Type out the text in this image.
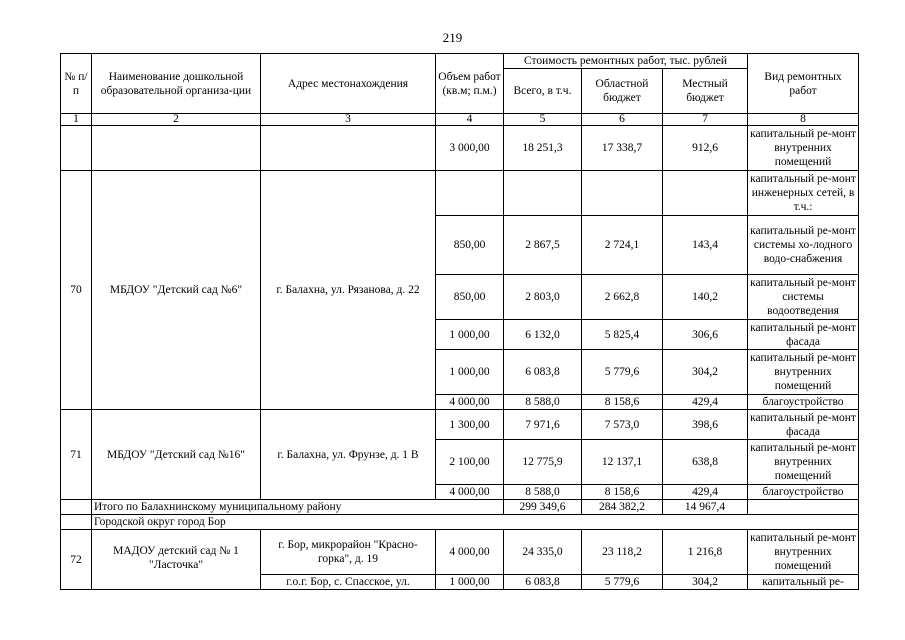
219
№ п/п	Наименование дошкольной образовательной организа-ции	Адрес местонахождения	Объем работ (кв.м; п.м.)	Стоимость ремонтных работ, тыс. рублей			Вид ремонтных работ
				Всего, в т.ч.	Областной бюджет	Местный бюджет	
1	2	3	4	5	6	7	8
			3 000,00	18 251,3	17 338,7	912,6	капитальный ре-монт внутренних помещений
70	МБДОУ "Детский сад №6"	г. Балахна, ул. Рязанова, д. 22					капитальный ре-монт инженерных сетей, в т.ч.:
			850,00	2 867,5	2 724,1	143,4	капитальный ре-монт системы хо-лодного водо-снабжения
			850,00	2 803,0	2 662,8	140,2	капитальный ре-монт системы водоотведения
			1 000,00	6 132,0	5 825,4	306,6	капитальный ре-монт фасада
			1 000,00	6 083,8	5 779,6	304,2	капитальный ре-монт внутренних помещений
			4 000,00	8 588,0	8 158,6	429,4	благоустройство
71	МБДОУ "Детский сад №16"	г. Балахна, ул. Фрунзе, д. 1 В	1 300,00	7 971,6	7 573,0	398,6	капитальный ре-монт фасада
			2 100,00	12 775,9	12 137,1	638,8	капитальный ре-монт внутренних помещений
			4 000,00	8 588,0	8 158,6	429,4	благоустройство
	Итого по Балахнинскому муниципальному району			299 349,6	284 382,2	14 967,4	
	Городской округ город Бор						
72	МАДОУ детский сад № 1 "Ласточка"	г. Бор, микрорайон "Красно-горка", д. 19	4 000,00	24 335,0	23 118,2	1 216,8	капитальный ре-монт внутренних помещений
		г.о.г. Бор, с. Спасское, ул.	1 000,00	6 083,8	5 779,6	304,2	капитальный ре-
